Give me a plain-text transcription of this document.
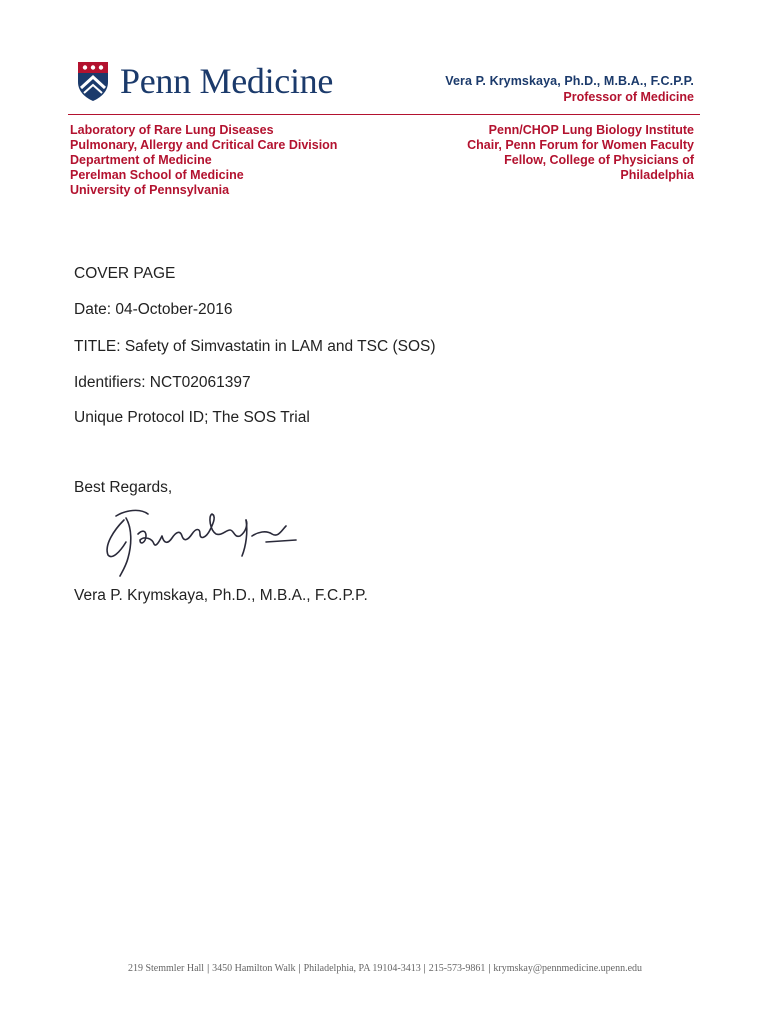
Penn Medicine	Vera P. Krymskaya, Ph.D., M.B.A., F.C.P.P.
Professor of Medicine
Laboratory of Rare Lung Diseases
Pulmonary, Allergy and Critical Care Division
Department of Medicine
Perelman School of Medicine
University of Pennsylvania
Penn/CHOP Lung Biology Institute
Chair, Penn Forum for Women Faculty
Fellow, College of Physicians of
Philadelphia
COVER PAGE
Date: 04-October-2016
TITLE: Safety of Simvastatin in LAM and TSC (SOS)
Identifiers: NCT02061397
Unique Protocol ID; The SOS Trial
Best Regards,
Vera P. Krymskaya, Ph.D., M.B.A., F.C.P.P.
219 Stemmler Hall | 3450 Hamilton Walk | Philadelphia, PA 19104-3413 | 215-573-9861 | krymskay@pennmedicine.upenn.edu
